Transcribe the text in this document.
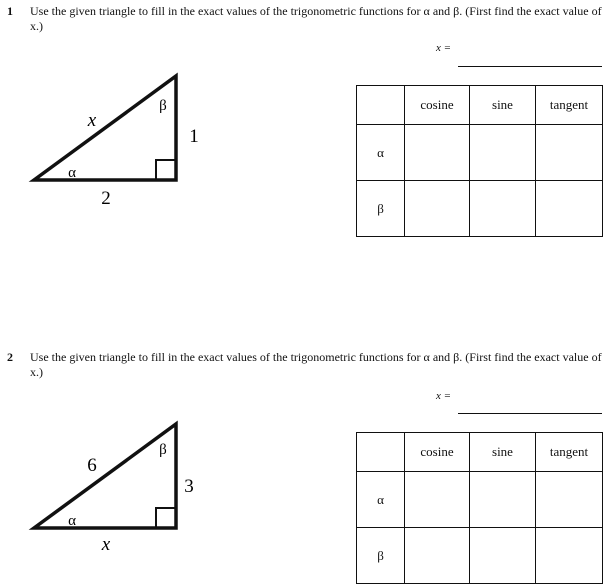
1 Use the given triangle to fill in the exact values of the trigonometric functions for α and β. (First find the exact value of x.)
x =
x
1
2
α
β
		cosine	sine	tangent
α			
β			
2 Use the given triangle to fill in the exact values of the trigonometric functions for α and β. (First find the exact value of x.)
x =
6
3
x
α
β
		cosine	sine	tangent
α			
β			
